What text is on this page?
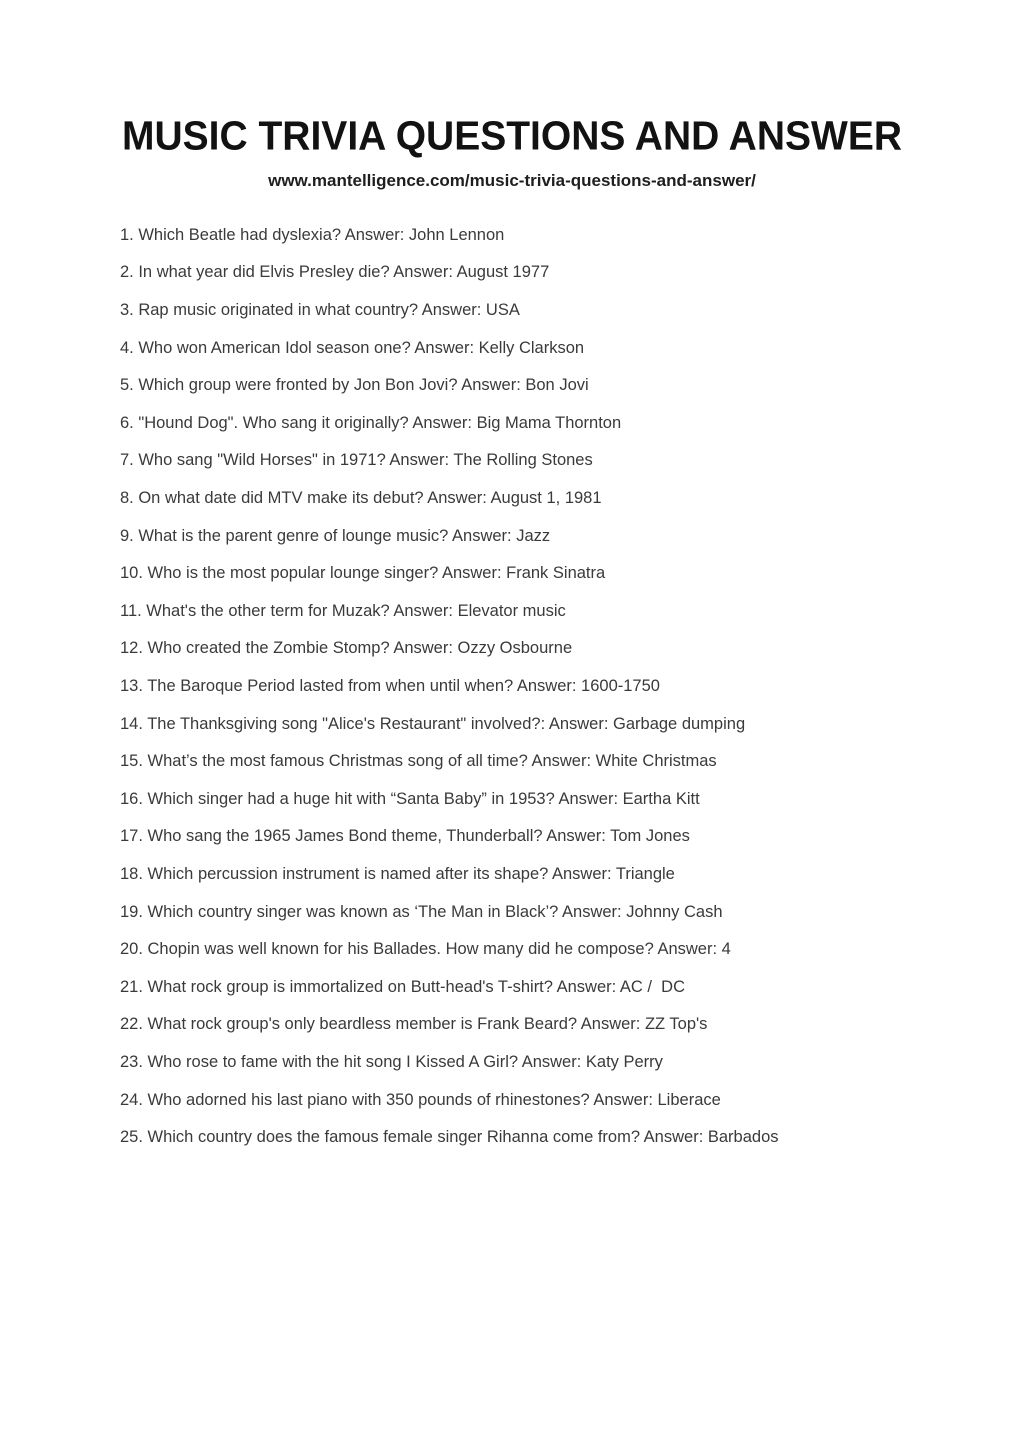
MUSIC TRIVIA QUESTIONS AND ANSWER
www.mantelligence.com/music-trivia-questions-and-answer/
1. Which Beatle had dyslexia? Answer: John Lennon
2. In what year did Elvis Presley die? Answer: August 1977
3. Rap music originated in what country? Answer: USA
4. Who won American Idol season one? Answer: Kelly Clarkson
5. Which group were fronted by Jon Bon Jovi? Answer: Bon Jovi
6. "Hound Dog". Who sang it originally? Answer: Big Mama Thornton
7. Who sang "Wild Horses" in 1971? Answer: The Rolling Stones
8. On what date did MTV make its debut? Answer: August 1, 1981
9. What is the parent genre of lounge music? Answer: Jazz
10. Who is the most popular lounge singer? Answer: Frank Sinatra
11. What's the other term for Muzak? Answer: Elevator music
12. Who created the Zombie Stomp? Answer: Ozzy Osbourne
13. The Baroque Period lasted from when until when? Answer: 1600-1750
14. The Thanksgiving song "Alice's Restaurant" involved?: Answer: Garbage dumping
15. What’s the most famous Christmas song of all time? Answer: White Christmas
16. Which singer had a huge hit with “Santa Baby” in 1953? Answer: Eartha Kitt
17. Who sang the 1965 James Bond theme, Thunderball? Answer: Tom Jones
18. Which percussion instrument is named after its shape? Answer: Triangle
19. Which country singer was known as ‘The Man in Black’? Answer: Johnny Cash
20. Chopin was well known for his Ballades. How many did he compose? Answer: 4
21. What rock group is immortalized on Butt-head's T-shirt? Answer: AC /  DC
22. What rock group's only beardless member is Frank Beard? Answer: ZZ Top's
23. Who rose to fame with the hit song I Kissed A Girl? Answer: Katy Perry
24. Who adorned his last piano with 350 pounds of rhinestones? Answer: Liberace
25. Which country does the famous female singer Rihanna come from? Answer: Barbados
